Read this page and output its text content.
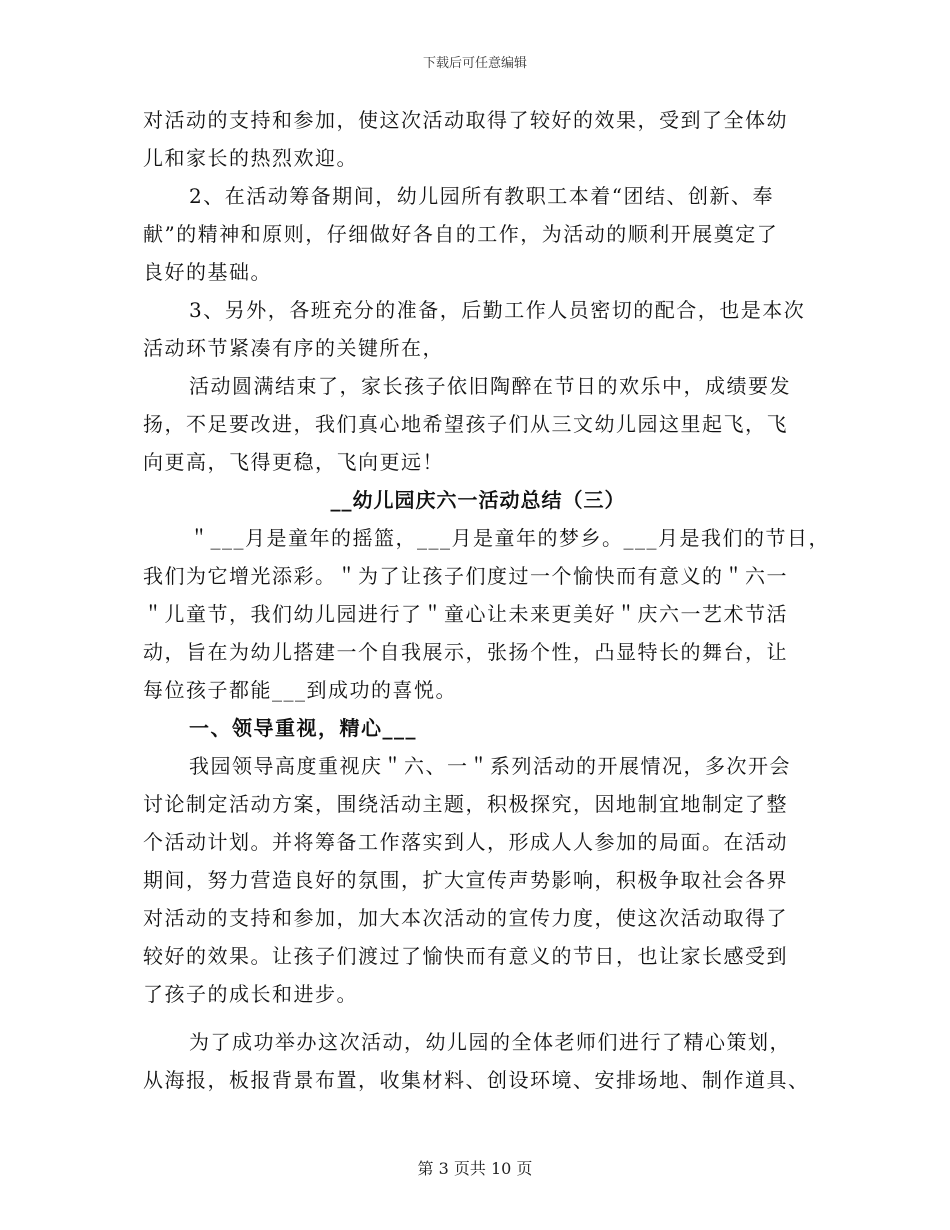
下载后可任意编辑
对活动的支持和参加，使这次活动取得了较好的效果，受到了全体幼
儿和家长的热烈欢迎。
2、在活动筹备期间，幼儿园所有教职工本着“团结、创新、奉
献”的精神和原则，仔细做好各自的工作，为活动的顺利开展奠定了
良好的基础。
3、另外，各班充分的准备，后勤工作人员密切的配合，也是本次
活动环节紧凑有序的关键所在，
活动圆满结束了，家长孩子依旧陶醉在节日的欢乐中，成绩要发
扬，不足要改进，我们真心地希望孩子们从三文幼儿园这里起飞，飞
向更高，飞得更稳，飞向更远！
__幼儿园庆六一活动总结（三）
＂___月是童年的摇篮，___月是童年的梦乡。___月是我们的节日，
我们为它增光添彩。＂为了让孩子们度过一个愉快而有意义的＂六一
＂儿童节，我们幼儿园进行了＂童心让未来更美好＂庆六一艺术节活
动，旨在为幼儿搭建一个自我展示，张扬个性，凸显特长的舞台，让
每位孩子都能___到成功的喜悦。
一、领导重视，精心___
我园领导高度重视庆＂六、一＂系列活动的开展情况，多次开会
讨论制定活动方案，围绕活动主题，积极探究，因地制宜地制定了整
个活动计划。并将筹备工作落实到人，形成人人参加的局面。在活动
期间，努力营造良好的氛围，扩大宣传声势影响，积极争取社会各界
对活动的支持和参加，加大本次活动的宣传力度，使这次活动取得了
较好的效果。让孩子们渡过了愉快而有意义的节日，也让家长感受到
了孩子的成长和进步。
为了成功举办这次活动，幼儿园的全体老师们进行了精心策划，
从海报，板报背景布置，收集材料、创设环境、安排场地、制作道具、
第 3 页共 10 页
